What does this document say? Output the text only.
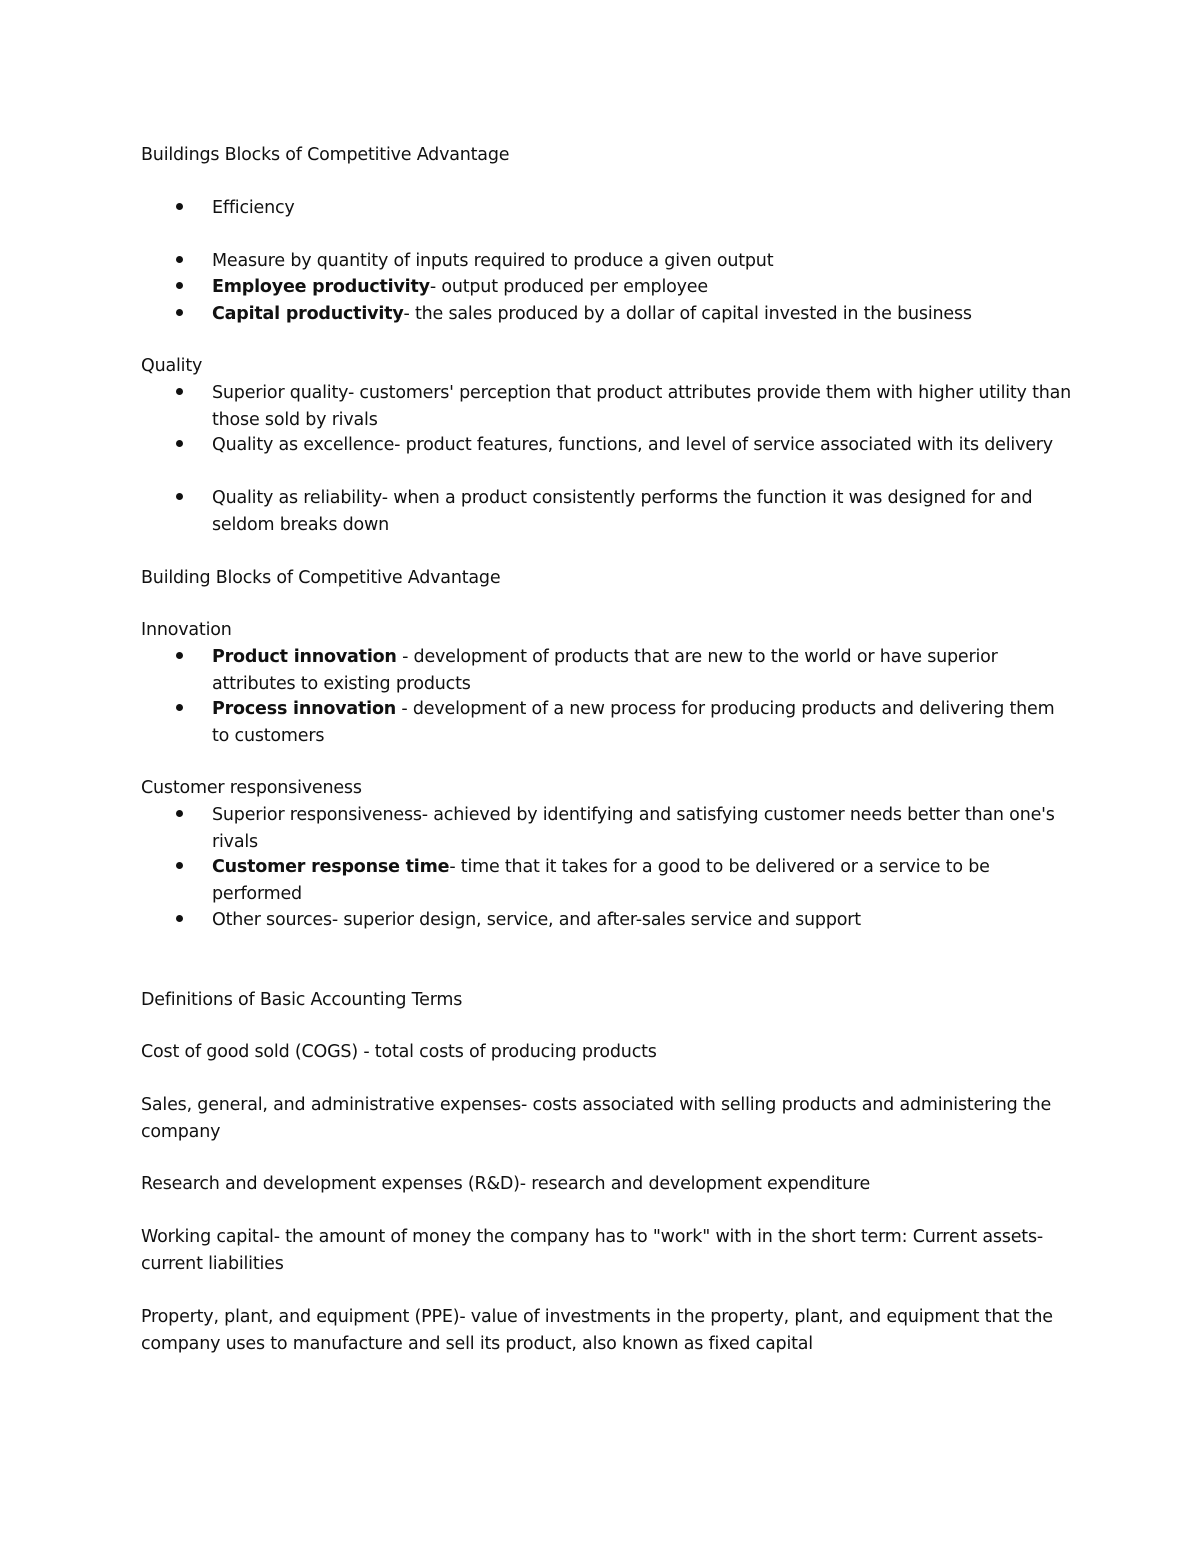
Buildings Blocks of Competitive Advantage

Efficiency

Measure by quantity of inputs required to produce a given output

Employee productivity- output produced per employee

Capital productivity- the sales produced by a dollar of capital invested in the business

Quality

Superior quality- customers' perception that product attributes provide them with higher utility than those sold by rivals

Quality as excellence- product features, functions, and level of service associated with its delivery

Quality as reliability- when a product consistently performs the function it was designed for and seldom breaks down

Building Blocks of Competitive Advantage

Innovation

Product innovation - development of products that are new to the world or have superior attributes to existing products

Process innovation - development of a new process for producing products and delivering them to customers

Customer responsiveness

Superior responsiveness- achieved by identifying and satisfying customer needs better than one's rivals

Customer response time- time that it takes for a good to be delivered or a service to be performed

Other sources- superior design, service, and after-sales service and support

Definitions of Basic Accounting Terms

Cost of good sold (COGS) - total costs of producing products

Sales, general, and administrative expenses- costs associated with selling products and administering the company

Research and development expenses (R&D)- research and development expenditure

Working capital- the amount of money the company has to "work" with in the short term: Current assets- current liabilities

Property, plant, and equipment (PPE)- value of investments in the property, plant, and equipment that the company uses to manufacture and sell its product, also known as fixed capital
